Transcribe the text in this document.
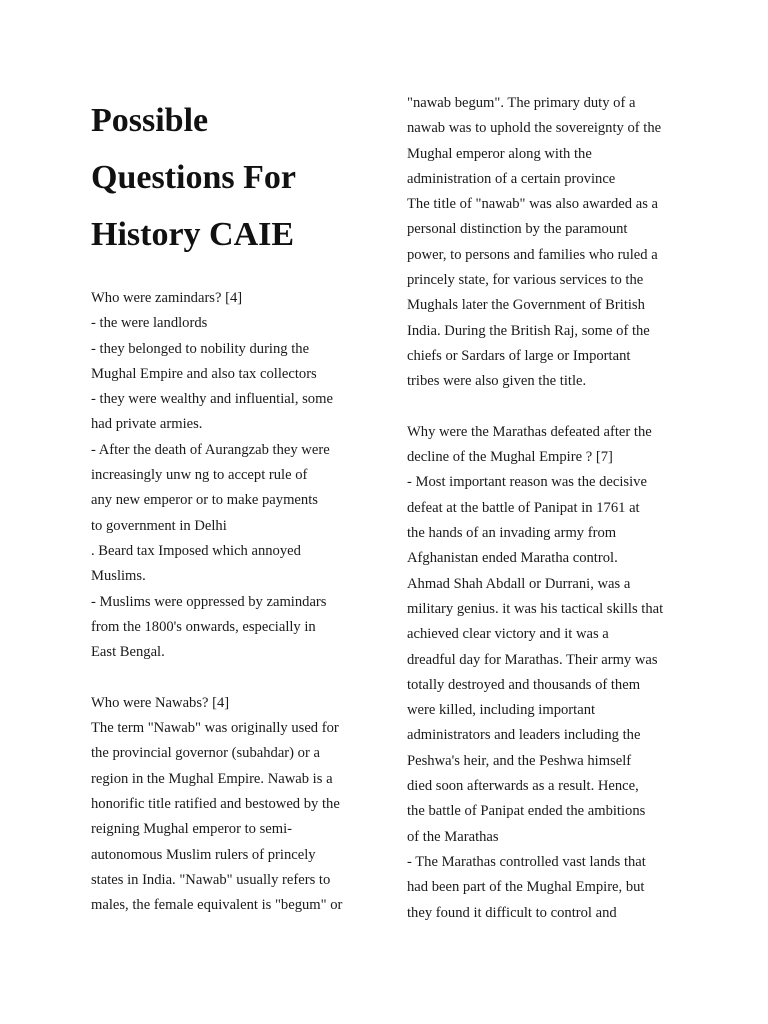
Possible
Questions For
History CAIE
Who were zamindars? [4]
- the were landlords
- they belonged to nobility during the
Mughal Empire and also tax collectors
- they were wealthy and influential, some
had private armies.
- After the death of Aurangzab they were
increasingly unw ng to accept rule of
any new emperor or to make payments
to government in Delhi
. Beard tax Imposed which annoyed
Muslims.
- Muslims were oppressed by zamindars
from the 1800's onwards, especially in
East Bengal.
Who were Nawabs? [4]
The term "Nawab" was originally used for
the provincial governor (subahdar) or a
region in the Mughal Empire. Nawab is a
honorific title ratified and bestowed by the
reigning Mughal emperor to semi-
autonomous Muslim rulers of princely
states in India. "Nawab" usually refers to
males, the female equivalent is "begum" or
"nawab begum". The primary duty of a
nawab was to uphold the sovereignty of the
Mughal emperor along with the
administration of a certain province
The title of "nawab" was also awarded as a
personal distinction by the paramount
power, to persons and families who ruled a
princely state, for various services to the
Mughals later the Government of British
India. During the British Raj, some of the
chiefs or Sardars of large or Important
tribes were also given the title.
Why were the Marathas defeated after the
decline of the Mughal Empire ? [7]
- Most important reason was the decisive
defeat at the battle of Panipat in 1761 at
the hands of an invading army from
Afghanistan ended Maratha control.
Ahmad Shah Abdall or Durrani, was a
military genius. it was his tactical skills that
achieved clear victory and it was a
dreadful day for Marathas. Their army was
totally destroyed and thousands of them
were killed, including important
administrators and leaders including the
Peshwa's heir, and the Peshwa himself
died soon afterwards as a result. Hence,
the battle of Panipat ended the ambitions
of the Marathas
- The Marathas controlled vast lands that
had been part of the Mughal Empire, but
they found it difficult to control and
